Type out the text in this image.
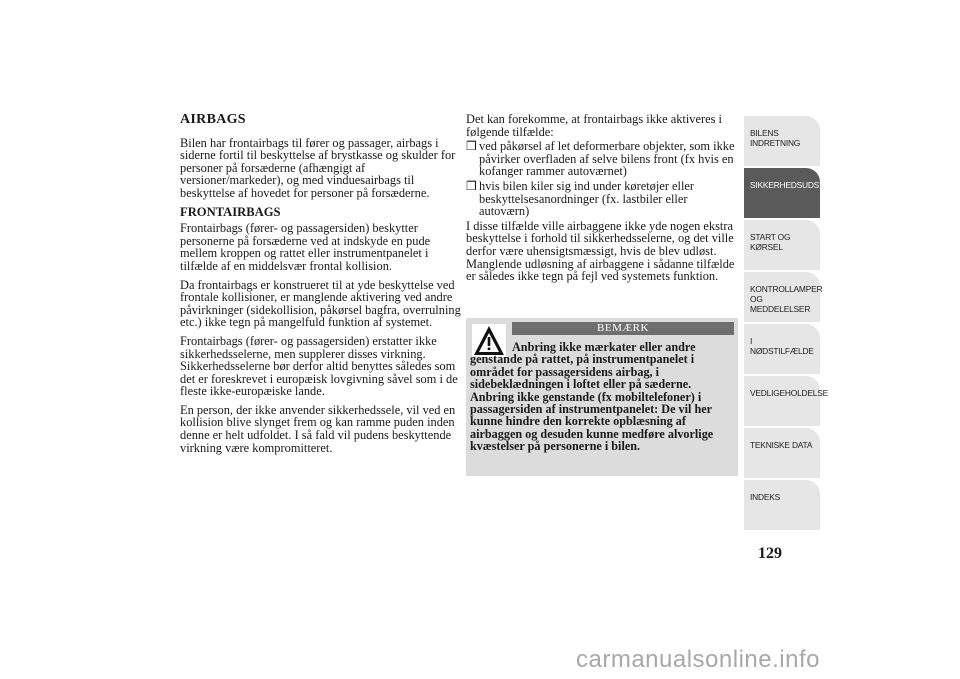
AIRBAGS

Bilen har frontairbags til fører og passager, airbags i siderne fortil til beskyttelse af brystkasse og skulder for personer på forsæderne (afhængigt af versioner/markeder), og med vinduesairbags til beskyttelse af hovedet for personer på forsæderne.

FRONTAIRBAGS

Frontairbags (fører- og passagersiden) beskytter personerne på forsæderne ved at indskyde en pude mellem kroppen og rattet eller instrumentpanelet i tilfælde af en middelsvær frontal kollision.

Da frontairbags er konstrueret til at yde beskyttelse ved frontale kollisioner, er manglende aktivering ved andre påvirkninger (sidekollision, påkørsel bagfra, overrulning etc.) ikke tegn på mangelfuld funktion af systemet.

Frontairbags (fører- og passagersiden) erstatter ikke sikkerhedsselerne, men supplerer disses virkning. Sikkerhedsselerne bør derfor altid benyttes således som det er foreskrevet i europæisk lovgivning såvel som i de fleste ikke-europæiske lande.

En person, der ikke anvender sikkerhedssele, vil ved en kollision blive slynget frem og kan ramme puden inden denne er helt udfoldet. I så fald vil pudens beskyttende virkning være kompromitteret.

Det kan forekomme, at frontairbags ikke aktiveres i følgende tilfælde:

❒ ved påkørsel af let deformerbare objekter, som ikke påvirker overfladen af selve bilens front (fx hvis en kofanger rammer autoværnet)
❒ hvis bilen kiler sig ind under køretøjer eller beskyttelsesanordninger (fx. lastbiler eller autoværn)

I disse tilfælde ville airbaggene ikke yde nogen ekstra beskyttelse i forhold til sikkerhedsselerne, og det ville derfor være uhensigtsmæssigt, hvis de blev udløst. Manglende udløsning af airbaggene i sådanne tilfælde er således ikke tegn på fejl ved systemets funktion.

BEMÆRK
Anbring ikke mærkater eller andre genstande på rattet, på instrumentpanelet i området for passagersidens airbag, i sidebeklædningen i loftet eller på sæderne. Anbring ikke genstande (fx mobiltelefoner) i passagersiden af instrumentpanelet: De vil her kunne hindre den korrekte opblæsning af airbaggen og desuden kunne medføre alvorlige kvæstelser på personerne i bilen.
BILENS
INDRETNING
SIKKERHEDSUDSTYR
START OG KØRSEL
KONTROLLAMPER
OG MEDDELELSER
I NØDSTILFÆLDE
VEDLIGEHOLDELSE
TEKNISKE DATA
INDEKS
129
carmanualsonline.info
